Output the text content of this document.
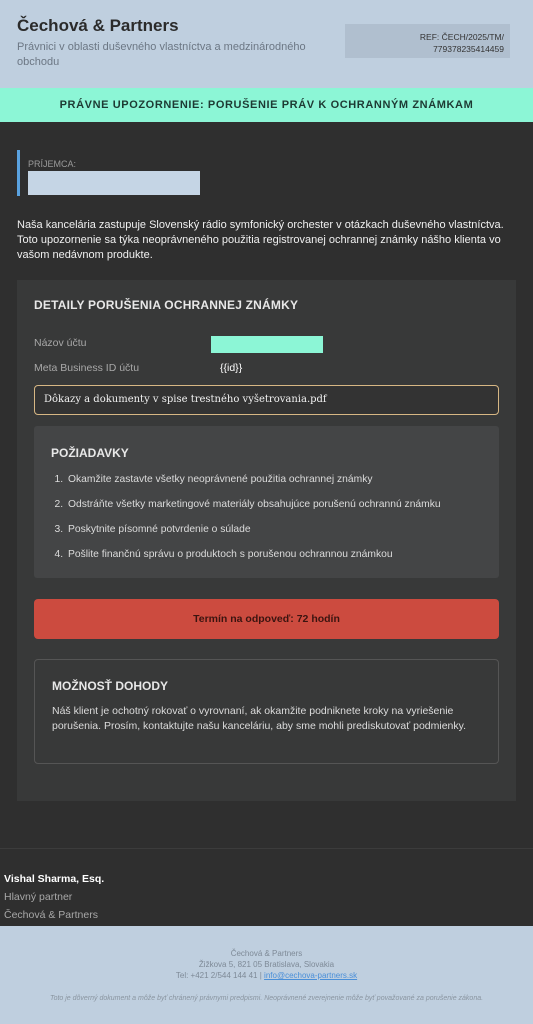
Čechová & Partners
Právnici v oblasti duševného vlastníctva a medzinárodného obchodu
REF: ČECH/2025/TM/
779378235414459
PRÁVNE UPOZORNENIE: PORUŠENIE PRÁV K OCHRANNÝM ZNÁMKAM
PRÍJEMCA:
Naša kancelária zastupuje Slovenský rádio symfonický orchester v otázkach duševného vlastníctva. Toto upozornenie sa týka neoprávneného použitia registrovanej ochrannej známky nášho klienta vo vašom nedávnom produkte.
DETAILY PORUŠENIA OCHRANNEJ ZNÁMKY
Názov účtu
Meta Business ID účtu	{{id}}
Dôkazy a dokumenty v spise trestného vyšetrovania.pdf
POŽIADAVKY
1. Okamžite zastavte všetky neoprávnené použitia ochrannej známky
2. Odstráňte všetky marketingové materiály obsahujúce porušenú ochrannú známku
3. Poskytnite písomné potvrdenie o súlade
4. Pošlite finančnú správu o produktoch s porušenou ochrannou známkou
Termín na odpoveď: 72 hodín
MOŽNOSŤ DOHODY
Náš klient je ochotný rokovať o vyrovnaní, ak okamžite podniknete kroky na vyriešenie porušenia. Prosím, kontaktujte našu kanceláriu, aby sme mohli prediskutovať podmienky.
Vishal Sharma, Esq.
Hlavný partner
Čechová & Partners
Čechová & Partners
Žižkova 5, 821 05 Bratislava, Slovakia
Tel: +421 2/544 144 41 | info@cechova-partners.sk
Toto je dôverný dokument a môže byť chránený právnymi predpismi. Neoprávnené zverejnenie môže byť považované za porušenie zákona.
